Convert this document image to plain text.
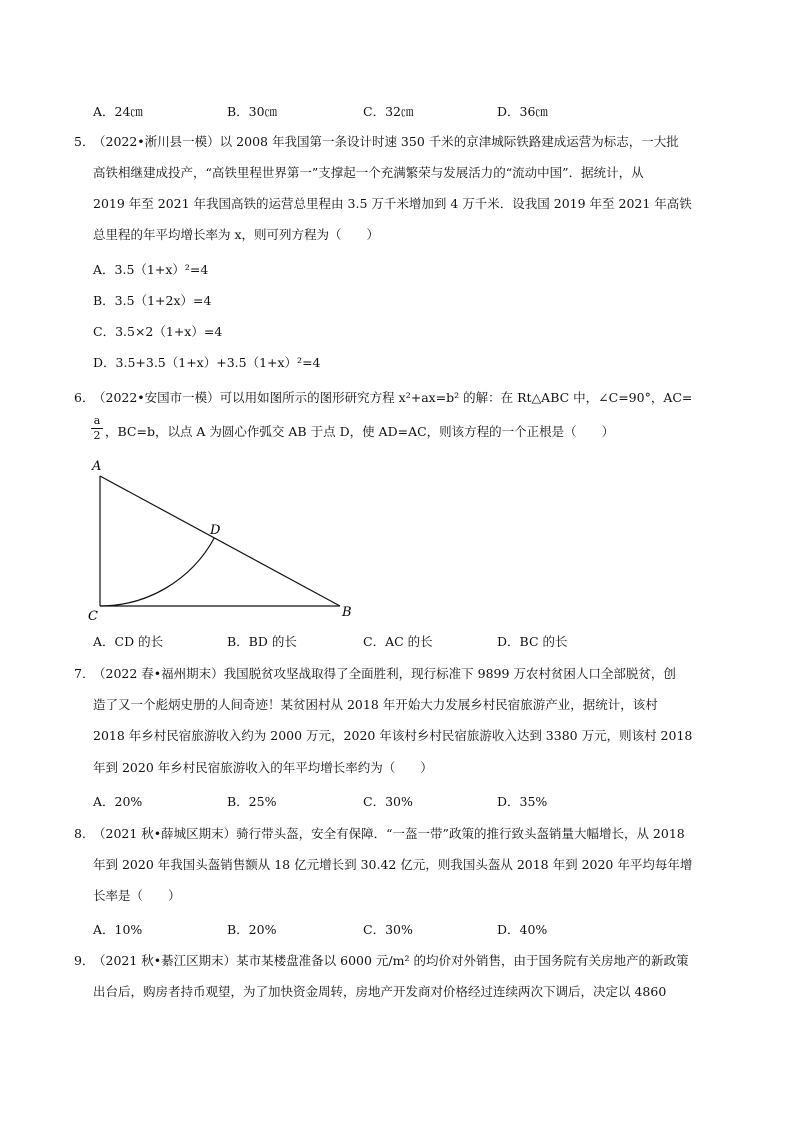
A．24㎝	B．30㎝	C．32㎝	D．36㎝
5．
（2022•淅川县一模）以 2008 年我国第一条设计时速 350 千米的京津城际铁路建成运营为标志，一大批
高铁相继建成投产，“高铁里程世界第一”支撑起一个充满繁荣与发展活力的“流动中国”．据统计，从
2019 年至 2021 年我国高铁的运营总里程由 3.5 万千米增加到 4 万千米．设我国 2019 年至 2021 年高铁
总里程的年平均增长率为 x，则可列方程为（　　）
A．3.5（1+x）²=4
B．3.5（1+2x）=4
C．3.5×2（1+x）=4
D．3.5+3.5（1+x）+3.5（1+x）²=4
6．
（2022•安国市一模）可以用如图所示的图形研究方程 x²+ax=b² 的解：在 Rt△ABC 中，∠C=90°，AC=
a
2 ，BC=b，以点 A 为圆心作弧交 AB 于点 D，使 AD=AC，则该方程的一个正根是（　　）
A
C	B
D
A．CD 的长	B．BD 的长	C．AC 的长	D．BC 的长
7．
（2022 春•福州期末）我国脱贫攻坚战取得了全面胜利，现行标准下 9899 万农村贫困人口全部脱贫，创
造了又一个彪炳史册的人间奇迹！某贫困村从 2018 年开始大力发展乡村民宿旅游产业，据统计，该村
2018 年乡村民宿旅游收入约为 2000 万元，2020 年该村乡村民宿旅游收入达到 3380 万元，则该村 2018
年到 2020 年乡村民宿旅游收入的年平均增长率约为（　　）
A．20%	B．25%	C．30%	D．35%
8．
（2021 秋•薛城区期末）骑行带头盔，安全有保障．“一盔一带”政策的推行致头盔销量大幅增长，从 2018
年到 2020 年我国头盔销售额从 18 亿元增长到 30.42 亿元，则我国头盔从 2018 年到 2020 年平均每年增
长率是（　　）
A．10%	B．20%	C．30%	D．40%
9．
（2021 秋•綦江区期末）某市某楼盘准备以 6000 元/m² 的均价对外销售，由于国务院有关房地产的新政策
出台后，购房者持币观望，为了加快资金周转，房地产开发商对价格经过连续两次下调后，决定以 4860
